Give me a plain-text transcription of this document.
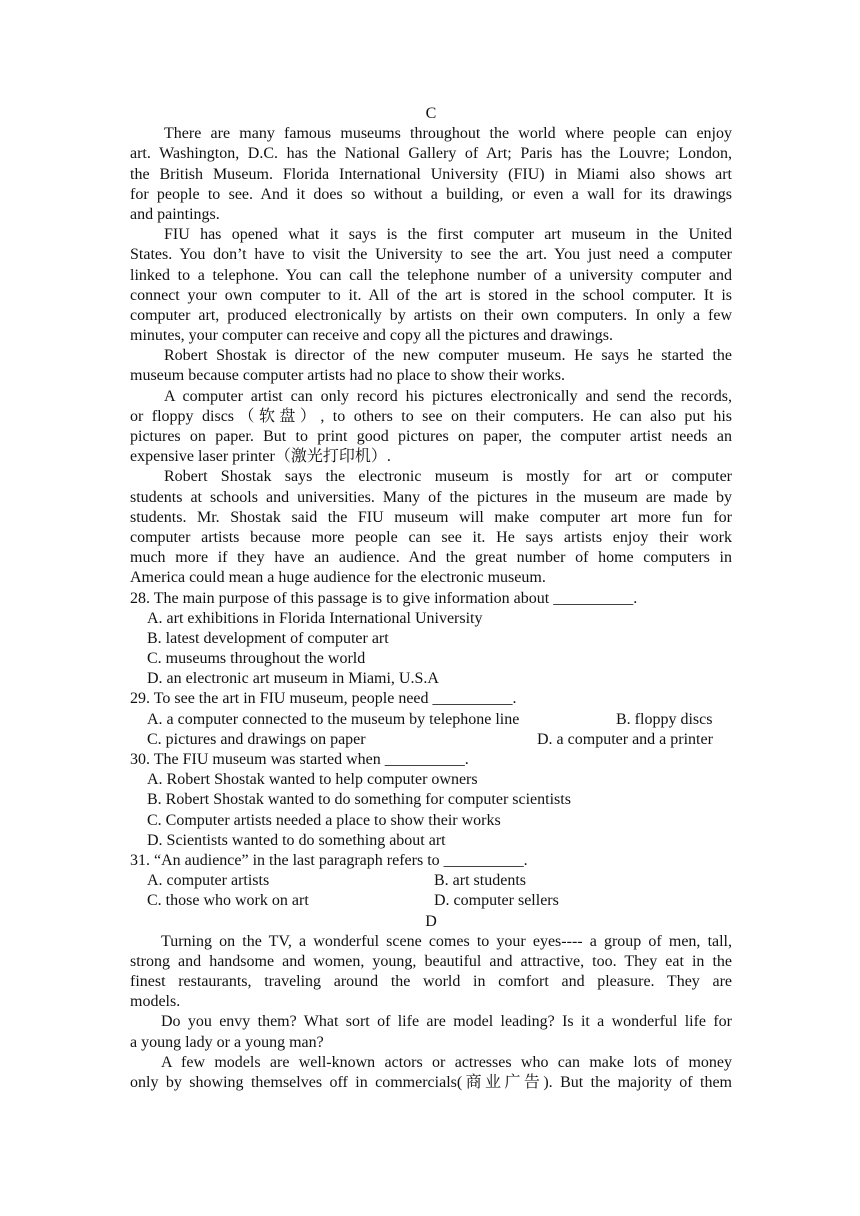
C
There are many famous museums throughout the world where people can enjoy
art. Washington, D.C. has the National Gallery of Art; Paris has the Louvre; London,
the British Museum. Florida International University (FIU) in Miami also shows art
for people to see. And it does so without a building, or even a wall for its drawings
and paintings.
FIU has opened what it says is the first computer art museum in the United
States. You don’t have to visit the University to see the art. You just need a computer
linked to a telephone. You can call the telephone number of a university computer and
connect your own computer to it. All of the art is stored in the school computer. It is
computer art, produced electronically by artists on their own computers. In only a few
minutes, your computer can receive and copy all the pictures and drawings.
Robert Shostak is director of the new computer museum. He says he started the
museum because computer artists had no place to show their works.
A computer artist can only record his pictures electronically and send the records,
or floppy discs（软盘）, to others to see on their computers. He can also put his
pictures on paper. But to print good pictures on paper, the computer artist needs an
expensive laser printer（激光打印机）.
Robert Shostak says the electronic museum is mostly for art or computer
students at schools and universities. Many of the pictures in the museum are made by
students. Mr. Shostak said the FIU museum will make computer art more fun for
computer artists because more people can see it. He says artists enjoy their work
much more if they have an audience. And the great number of home computers in
America could mean a huge audience for the electronic museum.
28. The main purpose of this passage is to give information about __________.
A. art exhibitions in Florida International University
B. latest development of computer art
C. museums throughout the world
D. an electronic art museum in Miami, U.S.A
29. To see the art in FIU museum, people need __________.
A. a computer connected to the museum by telephone line	B. floppy discs
C. pictures and drawings on paper	D. a computer and a printer
30. The FIU museum was started when __________.
A. Robert Shostak wanted to help computer owners
B. Robert Shostak wanted to do something for computer scientists
C. Computer artists needed a place to show their works
D. Scientists wanted to do something about art
31. “An audience” in the last paragraph refers to __________.
A. computer artists	B. art students
C. those who work on art	D. computer sellers
D
Turning on the TV, a wonderful scene comes to your eyes---- a group of men, tall,
strong and handsome and women, young, beautiful and attractive, too. They eat in the
finest restaurants, traveling around the world in comfort and pleasure. They are
models.
Do you envy them? What sort of life are model leading? Is it a wonderful life for
a young lady or a young man?
A few models are well-known actors or actresses who can make lots of money
only by showing themselves off in commercials(商业广告). But the majority of them
